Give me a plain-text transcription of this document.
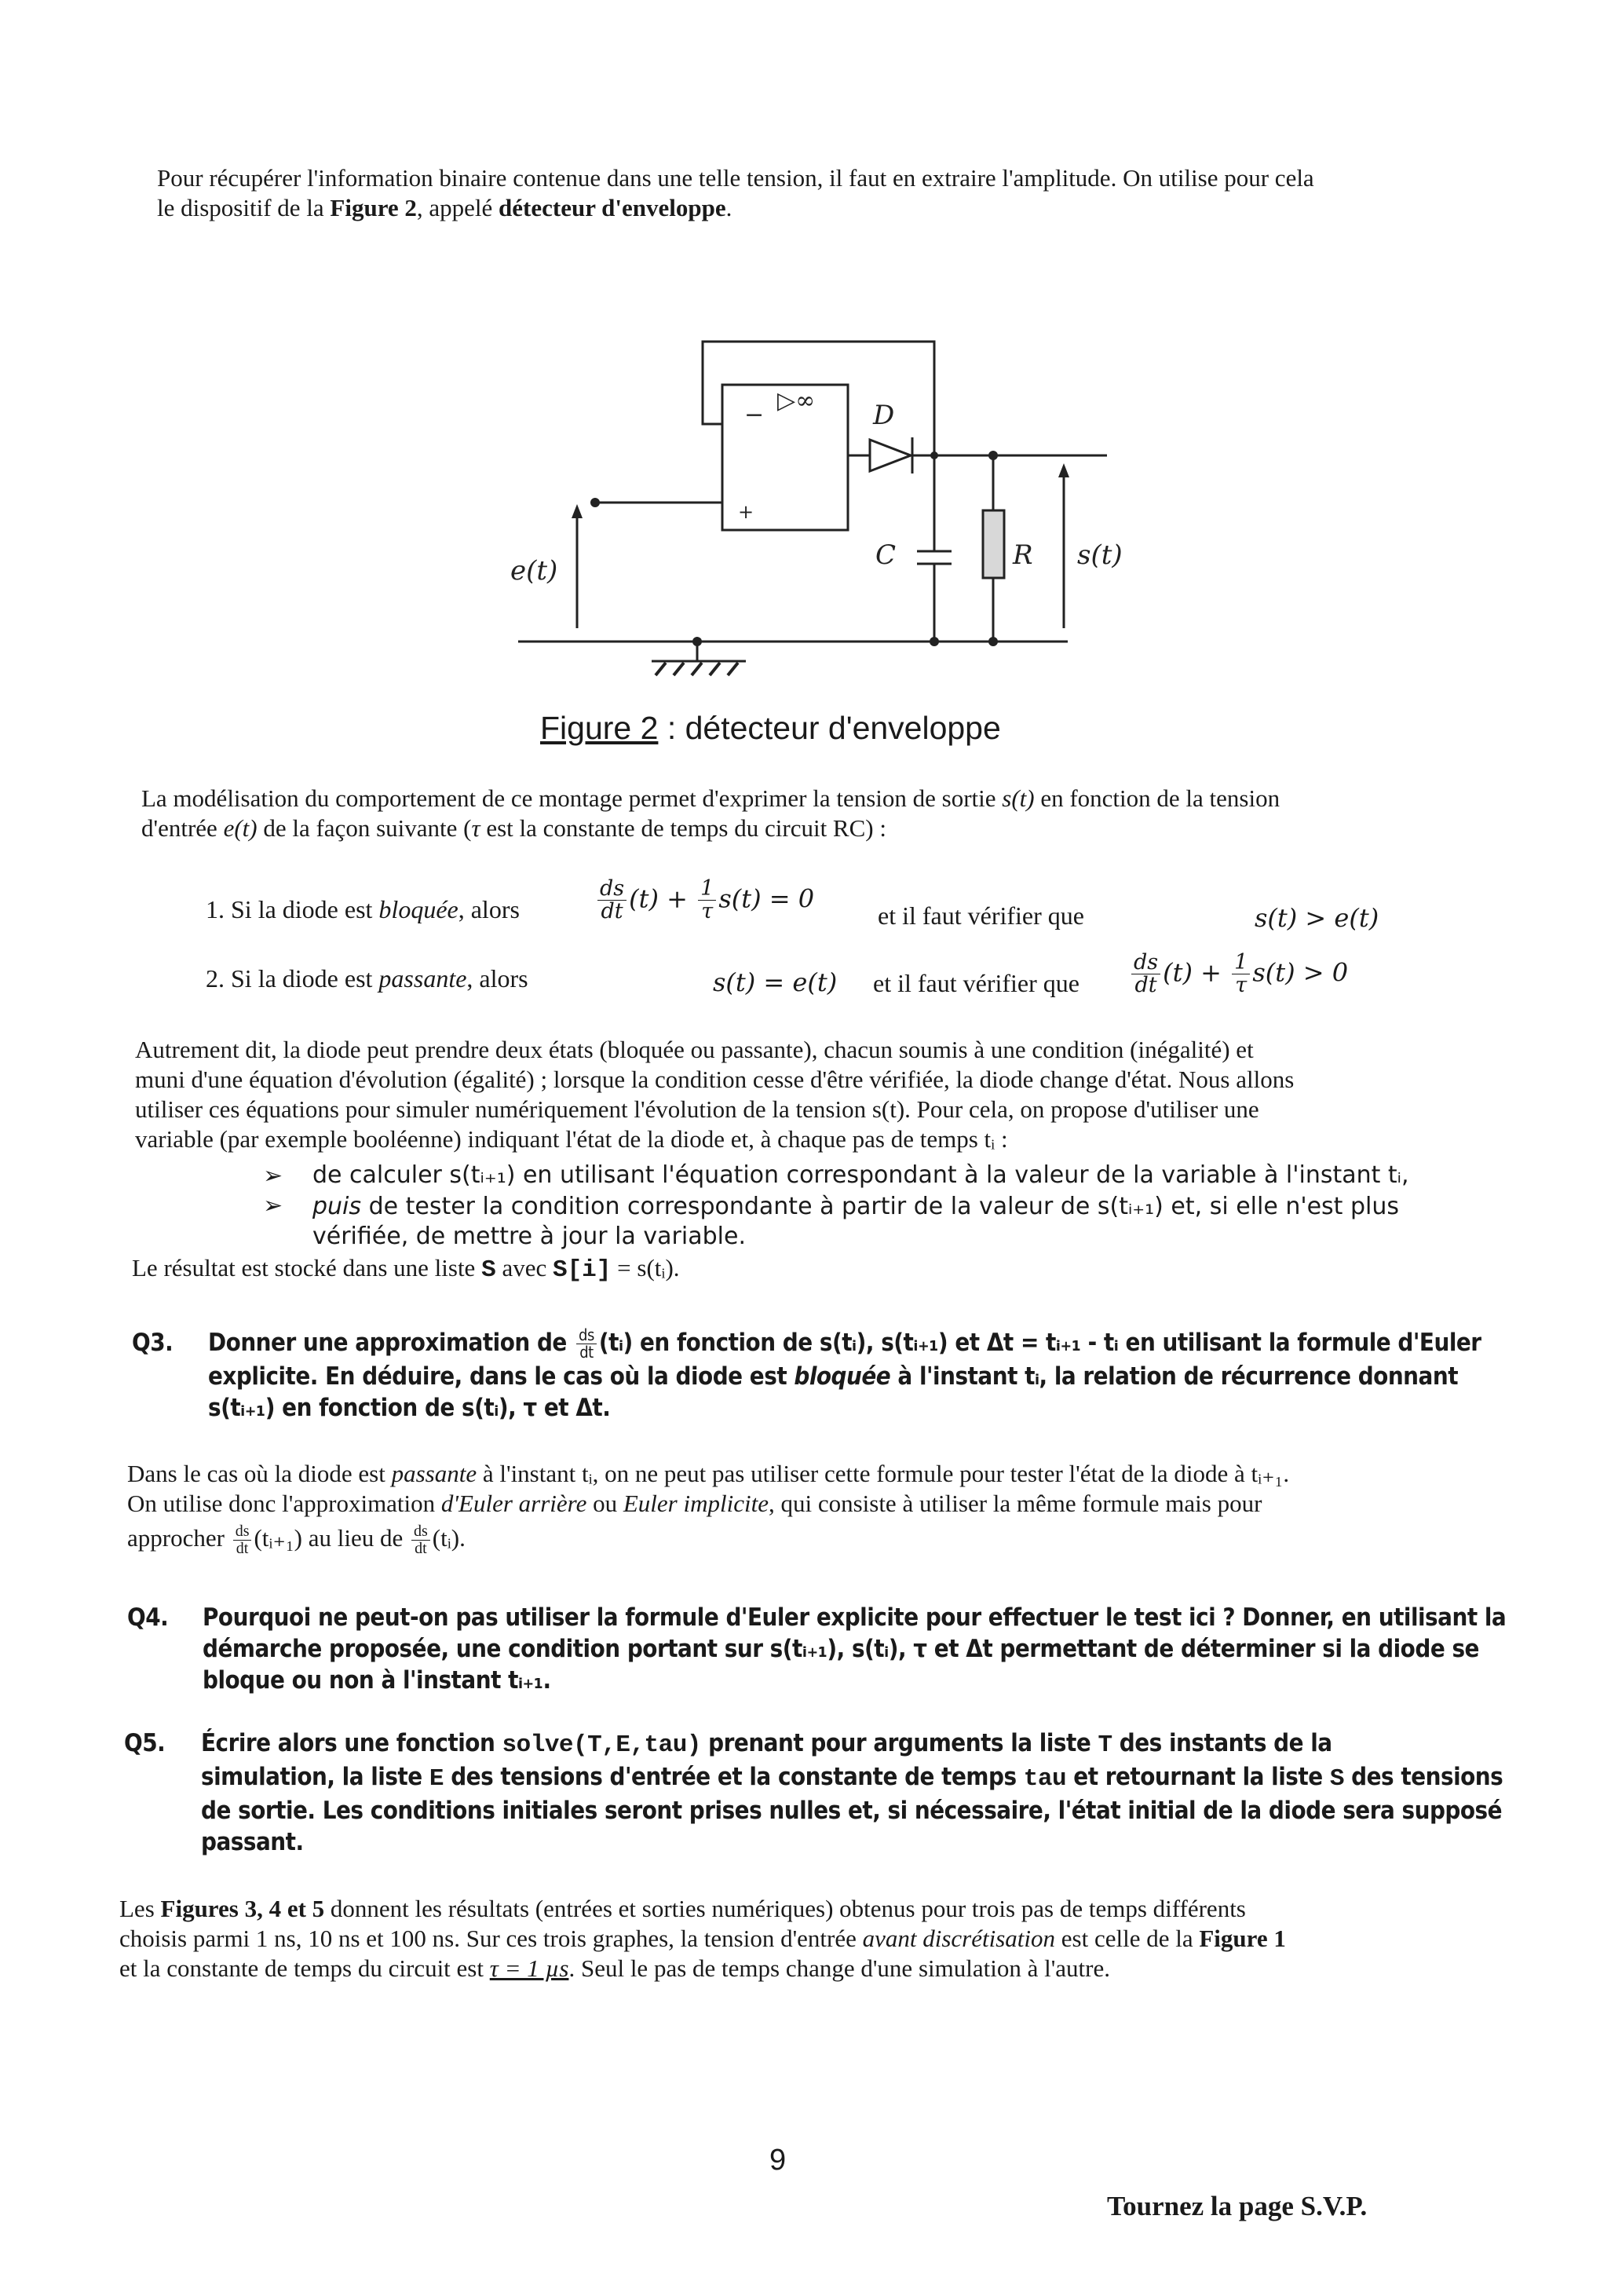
Pour récupérer l'information binaire contenue dans une telle tension, il faut en extraire l'amplitude. On utilise pour cela
le dispositif de la Figure 2, appelé détecteur d'enveloppe.
−
▷∞
+
D
C	R
e(t)	s(t)
Figure 2 : détecteur d'enveloppe
La modélisation du comportement de ce montage permet d'exprimer la tension de sortie s(t) en fonction de la tension
d'entrée e(t) de la façon suivante (τ est la constante de temps du circuit RC) :
1. Si la diode est bloquée, alors	$\frac{ds}{dt} (t) + \frac{1}{\tau} s(t) = 0$
et il faut vérifier que	s(t) > e(t)
2. Si la diode est passante, alors	s(t) = e(t) et il faut vérifier que $\frac{ds}{dt} (t) + \frac{1}{\tau} s(t) > 0$
Autrement dit, la diode peut prendre deux états (bloquée ou passante), chacun soumis à une condition (inégalité) et
muni d'une équation d'évolution (égalité) ; lorsque la condition cesse d'être vérifiée, la diode change d'état. Nous allons
utiliser ces équations pour simuler numériquement l'évolution de la tension s(t). Pour cela, on propose d'utiliser une
variable (par exemple booléenne) indiquant l'état de la diode et, à chaque pas de temps tᵢ :
➢ de calculer s(tᵢ₊₁) en utilisant l'équation correspondant à la valeur de la variable à l'instant tᵢ,
➢ puis de tester la condition correspondante à partir de la valeur de s(tᵢ₊₁) et, si elle n'est plus
vérifiée, de mettre à jour la variable.
Le résultat est stocké dans une liste S avec S[i] = s(tᵢ).
Q3. Donner une approximation de $\frac{ds}{dt}$ (tᵢ) en fonction de s(tᵢ), s(tᵢ₊₁) et Δt = tᵢ₊₁ - tᵢ en utilisant la formule d'Euler
explicite. En déduire, dans le cas où la diode est bloquée à l'instant tᵢ, la relation de récurrence donnant
s(tᵢ₊₁) en fonction de s(tᵢ), τ et Δt.
Dans le cas où la diode est passante à l'instant tᵢ, on ne peut pas utiliser cette formule pour tester l'état de la diode à tᵢ₊₁.
On utilise donc l'approximation d'Euler arrière ou Euler implicite, qui consiste à utiliser la même formule mais pour
approcher $\frac{ds}{dt}$ (tᵢ₊₁) au lieu de $\frac{ds}{dt}$ (tᵢ).
Q4. Pourquoi ne peut-on pas utiliser la formule d'Euler explicite pour effectuer le test ici ? Donner, en utilisant la
démarche proposée, une condition portant sur s(tᵢ₊₁), s(tᵢ), τ et Δt permettant de déterminer si la diode se
bloque ou non à l'instant tᵢ₊₁.
Q5. Écrire alors une fonction solve(T,E,tau) prenant pour arguments la liste T des instants de la
simulation, la liste E des tensions d'entrée et la constante de temps tau et retournant la liste S des tensions
de sortie. Les conditions initiales seront prises nulles et, si nécessaire, l'état initial de la diode sera supposé
passant.
Les Figures 3, 4 et 5 donnent les résultats (entrées et sorties numériques) obtenus pour trois pas de temps différents
choisis parmi 1 ns, 10 ns et 100 ns. Sur ces trois graphes, la tension d'entrée avant discrétisation est celle de la Figure 1
et la constante de temps du circuit est τ = 1 µs. Seul le pas de temps change d'une simulation à l'autre.
9
Tournez la page S.V.P.
